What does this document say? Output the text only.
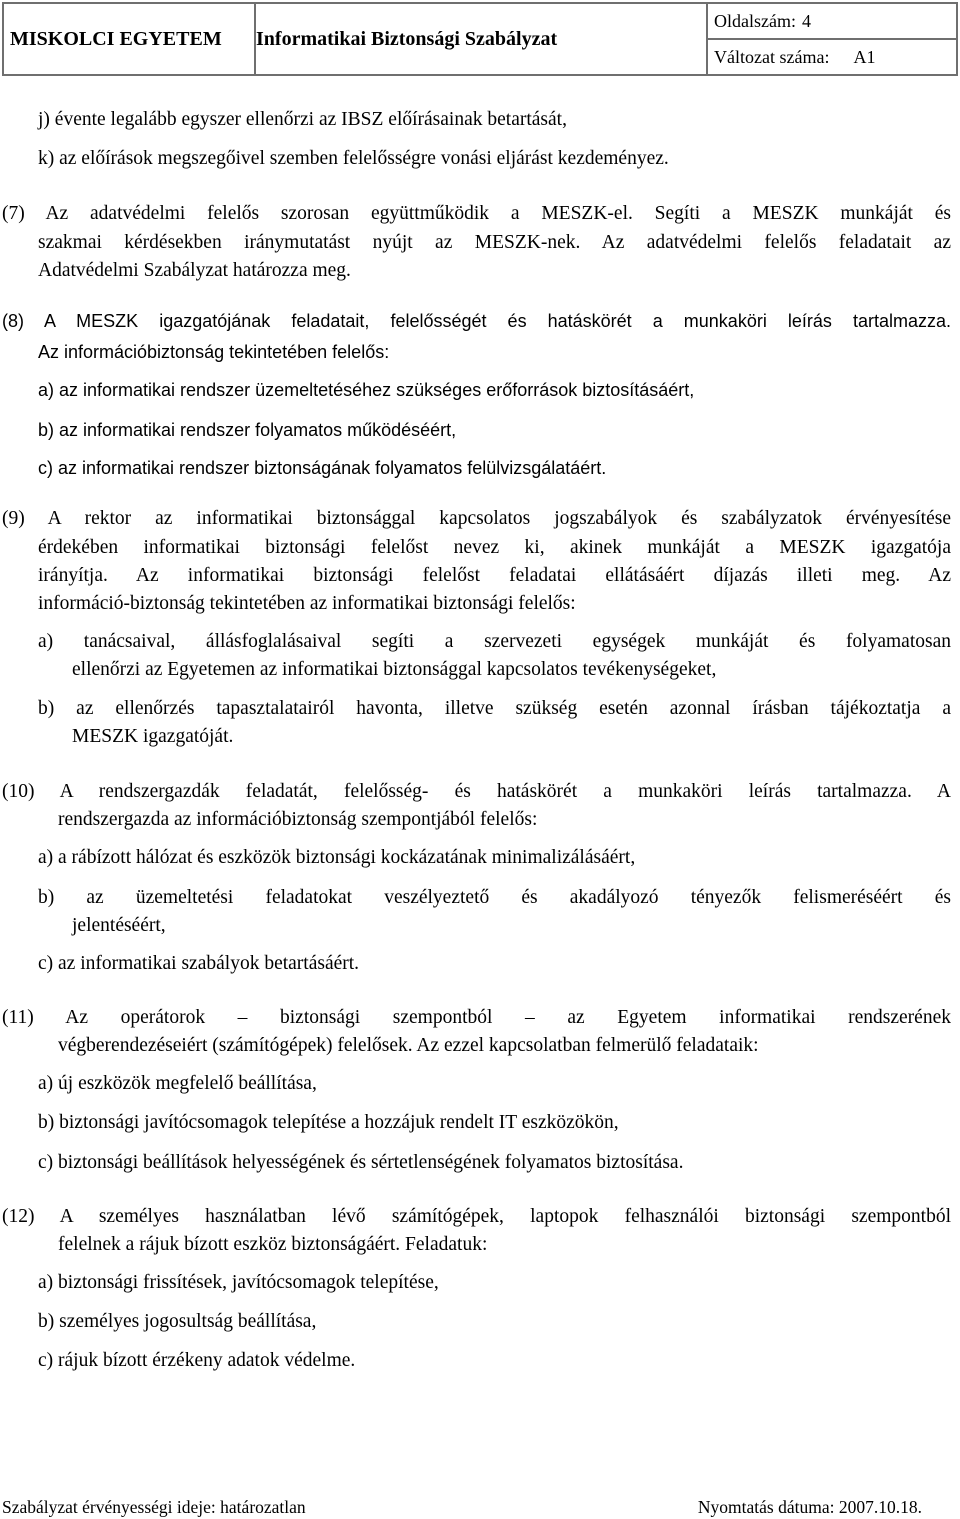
MISKOLCI EGYETEM	Informatikai Biztonsági Szabályzat
Oldalszám: 4
Változat száma: A1
j) évente legalább egyszer ellenőrzi az IBSZ előírásainak betartását,
k) az előírások megszegőivel szemben felelősségre vonási eljárást kezdeményez.
(7) Az adatvédelmi felelős szorosan együttműködik a MESZK-el. Segíti a MESZK munkáját és
szakmai kérdésekben iránymutatást nyújt az MESZK-nek. Az adatvédelmi felelős feladatait az
Adatvédelmi Szabályzat határozza meg.
(8) A MESZK igazgatójának feladatait, felelősségét és hatáskörét a munkaköri leírás tartalmazza.
Az információbiztonság tekintetében felelős:
a) az informatikai rendszer üzemeltetéséhez szükséges erőforrások biztosításáért,
b) az informatikai rendszer folyamatos működéséért,
c) az informatikai rendszer biztonságának folyamatos felülvizsgálatáért.
(9) A rektor az informatikai biztonsággal kapcsolatos jogszabályok és szabályzatok érvényesítése
érdekében informatikai biztonsági felelőst nevez ki, akinek munkáját a MESZK igazgatója
irányítja. Az informatikai biztonsági felelőst feladatai ellátásáért díjazás illeti meg. Az
információ-biztonság tekintetében az informatikai biztonsági felelős:
a) tanácsaival, állásfoglalásaival segíti a szervezeti egységek munkáját és folyamatosan
ellenőrzi az Egyetemen az informatikai biztonsággal kapcsolatos tevékenységeket,
b) az ellenőrzés tapasztalatairól havonta, illetve szükség esetén azonnal írásban tájékoztatja a
MESZK igazgatóját.
(10) A rendszergazdák feladatát, felelősség- és hatáskörét a munkaköri leírás tartalmazza. A
rendszergazda az információbiztonság szempontjából felelős:
a) a rábízott hálózat és eszközök biztonsági kockázatának minimalizálásáért,
b) az üzemeltetési feladatokat veszélyeztető és akadályozó tényezők felismeréséért és
jelentéséért,
c) az informatikai szabályok betartásáért.
(11) Az operátorok – biztonsági szempontból – az Egyetem informatikai rendszerének
végberendezéseiért (számítógépek) felelősek. Az ezzel kapcsolatban felmerülő feladataik:
a) új eszközök megfelelő beállítása,
b) biztonsági javítócsomagok telepítése a hozzájuk rendelt IT eszközökön,
c) biztonsági beállítások helyességének és sértetlenségének folyamatos biztosítása.
(12) A személyes használatban lévő számítógépek, laptopok felhasználói biztonsági szempontból
felelnek a rájuk bízott eszköz biztonságáért. Feladatuk:
a) biztonsági frissítések, javítócsomagok telepítése,
b) személyes jogosultság beállítása,
c) rájuk bízott érzékeny adatok védelme.
Szabályzat érvényességi ideje: határozatlan	Nyomtatás dátuma: 2007.10.18.
